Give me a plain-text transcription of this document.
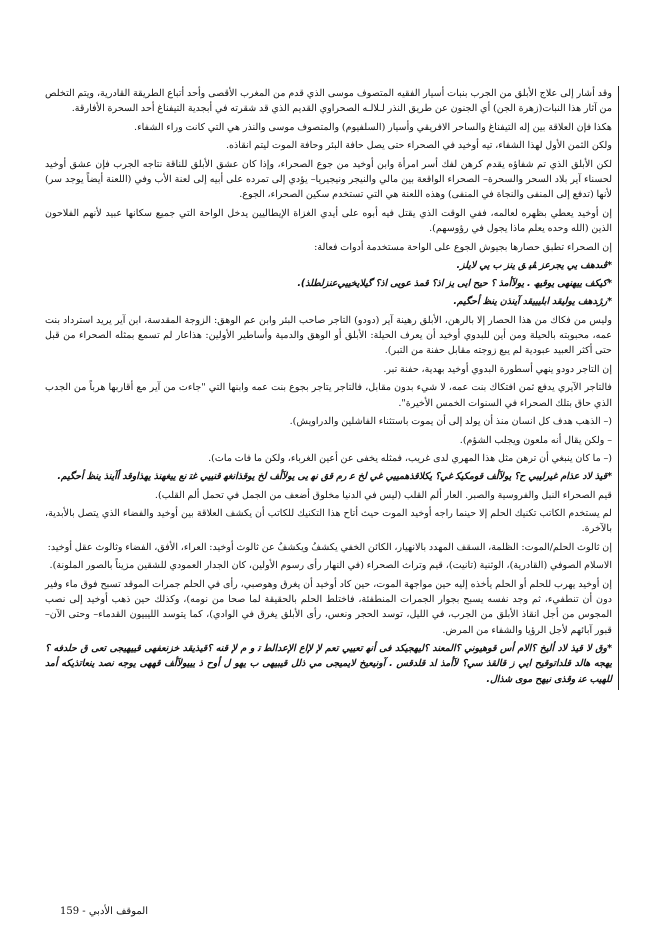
وقد أشار إلى علاج الأبلق من الجرب بنبات أسيار الفقيه المتصوف موسى الذي قدم من المغرب الأقصى وأحد أتباع الطريقة القادرية، ويتم التخلص من آثار هذا النبات(زهرة الجن) أي الجنون عن طريق النذر لـلالـه الصحراوي القديم الذي قد شقرته في أبجدية التيفناغ أحد السحرة الأفارقة.

هكذا فإن العلاقة بين إله التيفناغ والساحر الافريقي وأسيار (السلفيوم) والمتصوف موسى والنذر هي التي كانت وراء الشفاء.

ولكن الثمن الأول لهذا الشفاء، تيه أوخيد في الصحراء حتى يصل حافة البئر وحافة الموت ليتم انقاذه.

لكن الأبلق الذي تم شفاؤه يقدم كرهن لفك أسر امرأة وابن أوخيد من جوع الصحراء، وإذا كان عشق الأبلق للناقة نتاجه الجرب فإن عشق أوخيد لحسناء آير بلاد السحر والسحرة– الصحراء الواقعة بين مالي والنيجر ونيجيريا– يؤدي إلى تمرده على أبيه إلى لعنة الأب وفي (اللعنة أيضاً يوجد سر) لأنها (تدفع إلى المنفى والنجاة في المنفى) وهذه اللعنة هي التي تستخدم سكين الصحراء، الجوع.

إن أوخيد يعطي بظهره لعالمه، ففي الوقت الذي يقتل فيه أبوه على أيدي الغزاة الإيطاليين يدخل الواحة التي جميع سكانها عبيد لأنهم الفلاحون الذين (الله وحده يعلم ماذا يجول في رؤوسهم).

إن الصحراء تطبق حصارها بجيوش الجوع على الواحة مستخدمة أدوات فعالة:

*ﭬﯩﺪﻫﻒ ﯾﻲ ﯾﺠﺮﻋﺰ ﭭﯿ ﻖ ﯾﻨﺰ ﺏ ﯾﻲ ﻻﯾﻠﺰ.

*ﻛﯿﻜﻒ ﻳﯿﻬﻨﻬﻰ ﯾﻮﻗﯿﮫ . ﻳﻮﻵﺃﻣﺬ ؟ ﺣﯿﺢ ﺍﻳﯽ ﻳﺰ ﺍﺫ؟ ﻗﻤﺬ ﻋﻮﻳﯽ ﺍﺫ؟ ﮔﻴﻼﯾﺨﻴﯿﻲﻋﻨﺰﻟﻄﻠﺬ).

*ﺭﮋﺪﻫﻒ ﻳﻮﻟﯿﻘﺪ ﺍﺑﻠﯿﻴﯿﻘﺪ ﺁﯾﻨﺬﻥ ﯾﻨﻆ ﺃﺣﮕﯿﻢ.

وليس من فكاك من هذا الحصار إلا بالرهن، الأبلق رهينة آير (دودو) التاجر صاحب البئر وابن عم الوهق: الزوجة المقدسة، ابن آير يريد استرداد بنت عمه، محبوبته بالحيلة ومن أين للبدوي أوخيد أن يعرف الحيلة: الأبلق أو الوهق والدمية وأساطير الأولين: هذاعار لم تسمع بمثله الصحراء من قبل حتى أكثر العبيد عبودية لم يبع زوجته مقابل حفنة من التبر).

إن التاجر دودو ينهي أسطورة البدوي أوخيد بهدية، حفنة تبر.

فالتاجر الآيري يدفع ثمن افتكاك بنت عمه، لا شيء بدون مقابل، فالتاجر يتاجر بجوع بنت عمه وابنها التي "جاءت من آير مع أقاربها هرباً من الجدب الذي حاق بتلك الصحراء في السنوات الخمس الأخيرة".

(– الذهب هدف كل انسان منذ أن يولد إلى أن يموت باستثناء الفاشلين والدراويش).

– ولكن يقال أنه ملعون ويجلب الشؤم).

(– ما كان ينبغي أن ترهن مثل هذا المهري لدى غريب، فمثله يخفى عن أعين الغرباء، ولكن ما فات مات).

*ﻗﻴﺬ ﻟﺎﺩ ﻋﺬﺍﻡ ﻏﻴﺮﻟﻴﺒﻲ ﺡ؟ ﻳﻮﻵﺃﻒ ﻗﻮﻣﮑﻴﻜ ﻏﻲ؟ ﯾﻜﻼﻗﺬﻫﻤﻴﻴﻲ ﻏﻲ ﻟﺦ ﻋ ﺭﻡ ﻗﻖ ﻧﻬ ﯾﯽ ﻳﻮﻵﺃﻒ ﻟﺦ ﯾﻮﻗﺬﺍﻧﻐﻬ ﻗﻨﻴﯿﻲ ﻏﺘ ﻧﻊ ﻳﻴﻐﻬﻨﺬ ﯾﻬﺬﺍﻭﻗﺪ ﺃﺁﯾﻨﺬ ﯾﻨﻆ ﺃﺣﮕﯿﻢ.

قيم الصحراء النبل والفروسية والصبر. العار ألم القلب (ليس في الدنيا مخلوق أضعف من الجمل في تحمل ألم القلب).

لم يستخدم الكاتب تكنيك الحلم إلا حينما راجه أوخيد الموت حيث أتاح هذا التكنيك للكاتب أن يكشف العلاقة بين أوخيد والفضاء الذي يتصل بالأبدية، بالآخرة.

إن ثالوث الحلم/الموت: الظلمة، السقف المهدد بالانهيار، الكائن الخفي يكشفُ ويكشفُ عن ثالوث أوخيد: العراء، الأفق، الفضاء وثالوث عقل أوخيد:

الاسلام الصوفي (القادرية)، الوثنية (تانيت)، قيم وتراث الصحراء (في النهار رأى رسوم الأولين، كان الجدار العمودي للشقين مزيناً بالصور الملونة).

إن أوخيد يهرب للحلم أو الحلم يأخذه إليه حين مواجهة الموت، حين كاد أوخيد أن يغرق وهوصبي، رأى في الحلم جمرات الموقد تسبح فوق ماء وفير دون أن تنطفيء، ثم وجد نفسه يسبح بجوار الجمرات المنطفئة، فاختلط الحلم بالحقيقة لما صحا من نومه)، وكذلك حين ذهب أوخيد إلى نصب المجوس من أجل انقاذ الأبلق من الجرب، في الليل، توسد الحجر ونعس، رأى الأبلق يغرق في الوادي)، كما يتوسد الليبيون القدماء– وحتى الآن– قبور آبائهم لأجل الرؤيا والشفاء من المرض.

*ﻭﻕ ﻻ ﻗﻴﺬ ﻟﺎﺩ ﺃﻟﻴﺦ ؟ﺍﻟﺎﻡ ﺃﺱ ﻗﻮﻫﻴﻮﻧﻲ ؟ﺍﻟﻤﻌﻨﺪ ؟ﻟﻴﻬﺠﻴﻜﺪ ﻓﻰ ﺃﻧﻬ ﺗﻌﻴﯿﻲ ﺗﻌﻢ ﻹ ﻹﺍﻉ ﺍﻹﻋﺪﺍﻟﻄ ﺗ ﻭ ﻡ ﻹ ﻗﻨﻪ ؟ﻗﻴﺬﻳﻘﺪ ﺧﺰﻧﻌﻔﻬﯽ ﻗﻴﻴﻬﻴﺠﻰ ﺗﻌﯽ ﻕ ﺣﻠﺪﻓﻪ ؟ﯾﻬﺠﻪ ﻫﺎﻟﺪ ﻗﻠﺪﺍﺗﻮﻗﻴﺢ ﺍﯾﻲ ﺯ ﻗﺎﻟﻘﺬ ﺳﻲ؟ ﻵﺃﻣﺬ ﺍﺪ ﻗﻠﺪﻗﺲ . ﺁﻭﻧﻴﻌﯿﺦ ﻻﻳﻤﻴﺠﯽ ﻣﻲ ﺫﻟﻞ ﻗﻴﺒﻴﻬﯽ ﺏ ﻳﻬﻮ ﻝ ﺃﻭﺡ ﺫ ﯾﯿﻴﻮﻵﺃﻒ ﻗﻬﻬﯽ ﻳﻮﺟﻪ ﻧﺼﺪ ﯾﻨﻌﺎﺗﺬﻳﮑﻪ ﺃﻣﺪ ﻟﻠﻬﻴﺐ ﻋﻨ ﻭﻗﺬﻯ ﻧﻴﻬﺢ ﻣﻮﻯ ﺷﺬﺍﻝ.

الموقف الأدبي - 159
